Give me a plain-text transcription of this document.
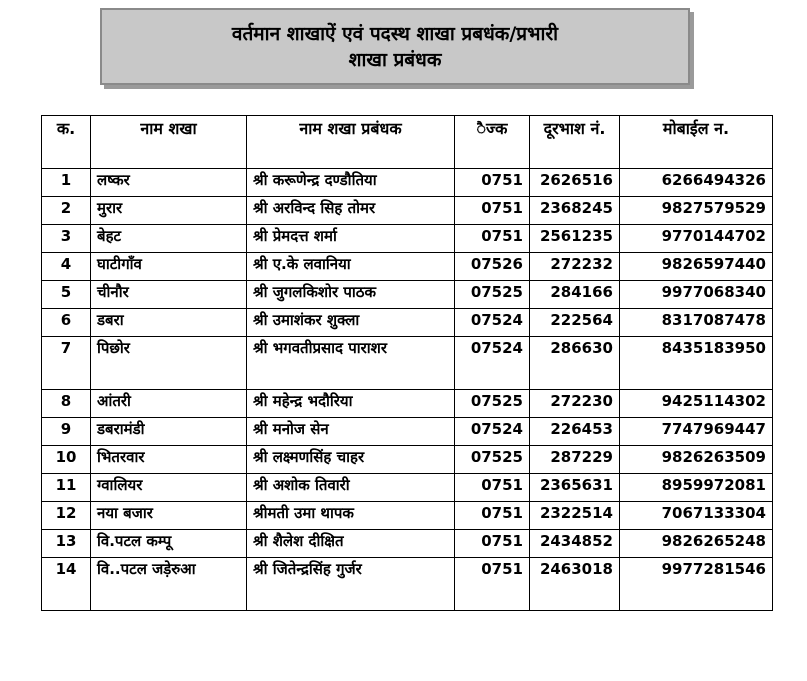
वर्तमान शाखाऐं एवं पदस्थ शाखा प्रबधंक/प्रभारी
शाखा प्रबंधक
क.	नाम शखा	नाम शखा प्रबंधक	ैज्क	दूरभाश नं.	मोबाईल न.
1	लष्कर	श्री करूणेन्द्र दण्डौतिया	0751	2626516	6266494326
2	मुरार	श्री अरविन्द सिह तोमर	0751	2368245	9827579529
3	बेहट	श्री प्रेमदत्त शर्मा	0751	2561235	9770144702
4	घाटीगाँव	श्री ए.के लवानिया	07526	272232	9826597440
5	चीनौर	श्री जुगलकिशोर पाठक	07525	284166	9977068340
6	डबरा	श्री उमाशंकर शुक्ला	07524	222564	8317087478
7	पिछोर	श्री भगवतीप्रसाद पाराशर	07524	286630	8435183950
8	आंतरी	श्री महेन्द्र भदौरिया	07525	272230	9425114302
9	डबरामंडी	श्री मनोज सेन	07524	226453	7747969447
10	भितरवार	श्री लक्ष्मणसिंह चाहर	07525	287229	9826263509
11	ग्वालियर	श्री अशोक तिवारी	0751	2365631	8959972081
12	नया बजार	श्रीमती उमा थापक	0751	2322514	7067133304
13	वि.पटल कम्पू	श्री शैलेश दीक्षित	0751	2434852	9826265248
14	वि..पटल जड़ेरुआ	श्री जितेन्द्रसिंह गुर्जर	0751	2463018	9977281546
